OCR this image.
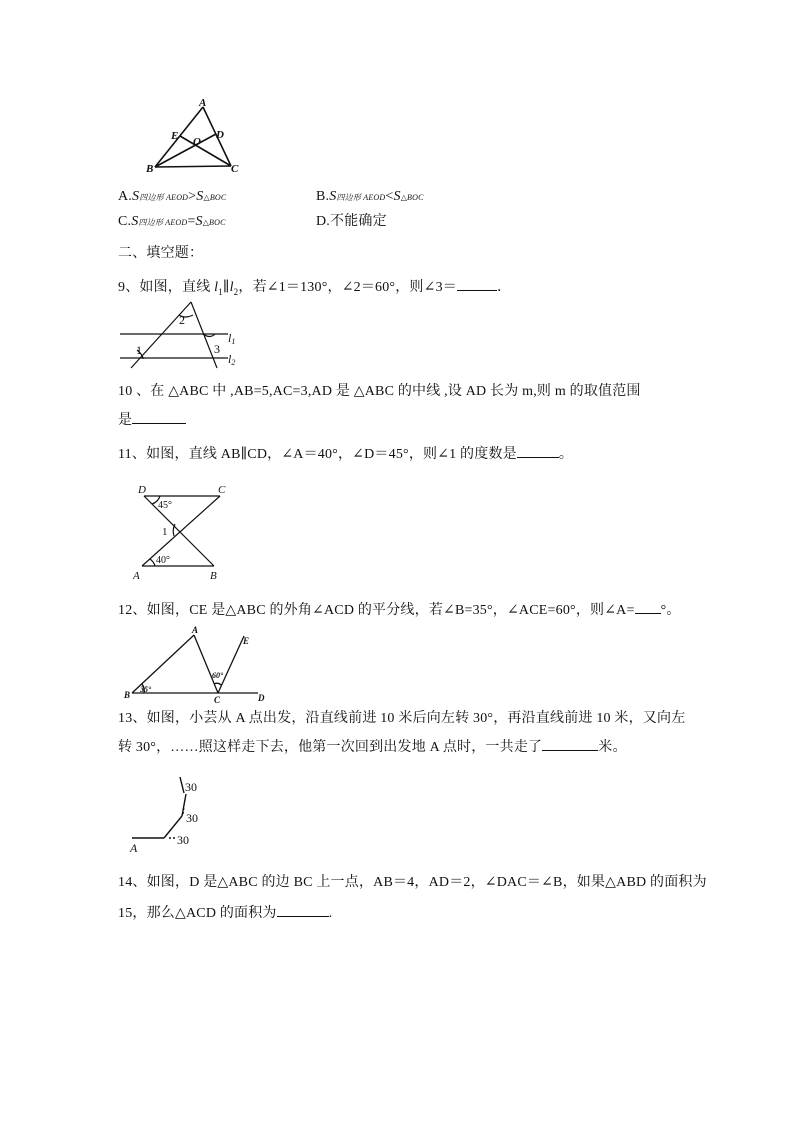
A
B	C
D
E O
A.S四边形 AEOD>S△BOC	B.S四边形 AEOD<S△BOC
C.S四边形 AEOD=S△BOC	D.不能确定
二、填空题：
9、如图，直线 $l_1\parallel l_2$，若∠1＝130°，∠2＝60°，则∠3＝	．
2
1	3
l1
l2
10 、在 △ABC 中 ,AB=5,AC=3,AD 是 △ABC 的中线 ,设 AD 长为 m,则 m 的取值范围
是
11、如图，直线 AB∥CD，∠A＝40°，∠D＝45°，则∠1 的度数是	。
D	C
A	B
45°
40°
1
12、如图，CE 是△ABC 的外角∠ACD 的平分线，若∠B=35°，∠ACE=60°，则∠A= °。
A
B	C	D
E
35°
60°
13、如图，小芸从 A 点出发，沿直线前进 10 米后向左转 30°，再沿直线前进 10 米，又向左
转 30°，……照这样走下去，他第一次回到出发地 A 点时，一共走了	米。
A
30
30
30
14、如图，D 是△ABC 的边 BC 上一点，AB＝4，AD＝2，∠DAC＝∠B，如果△ABD 的面积为
15，那么△ACD 的面积为	.
